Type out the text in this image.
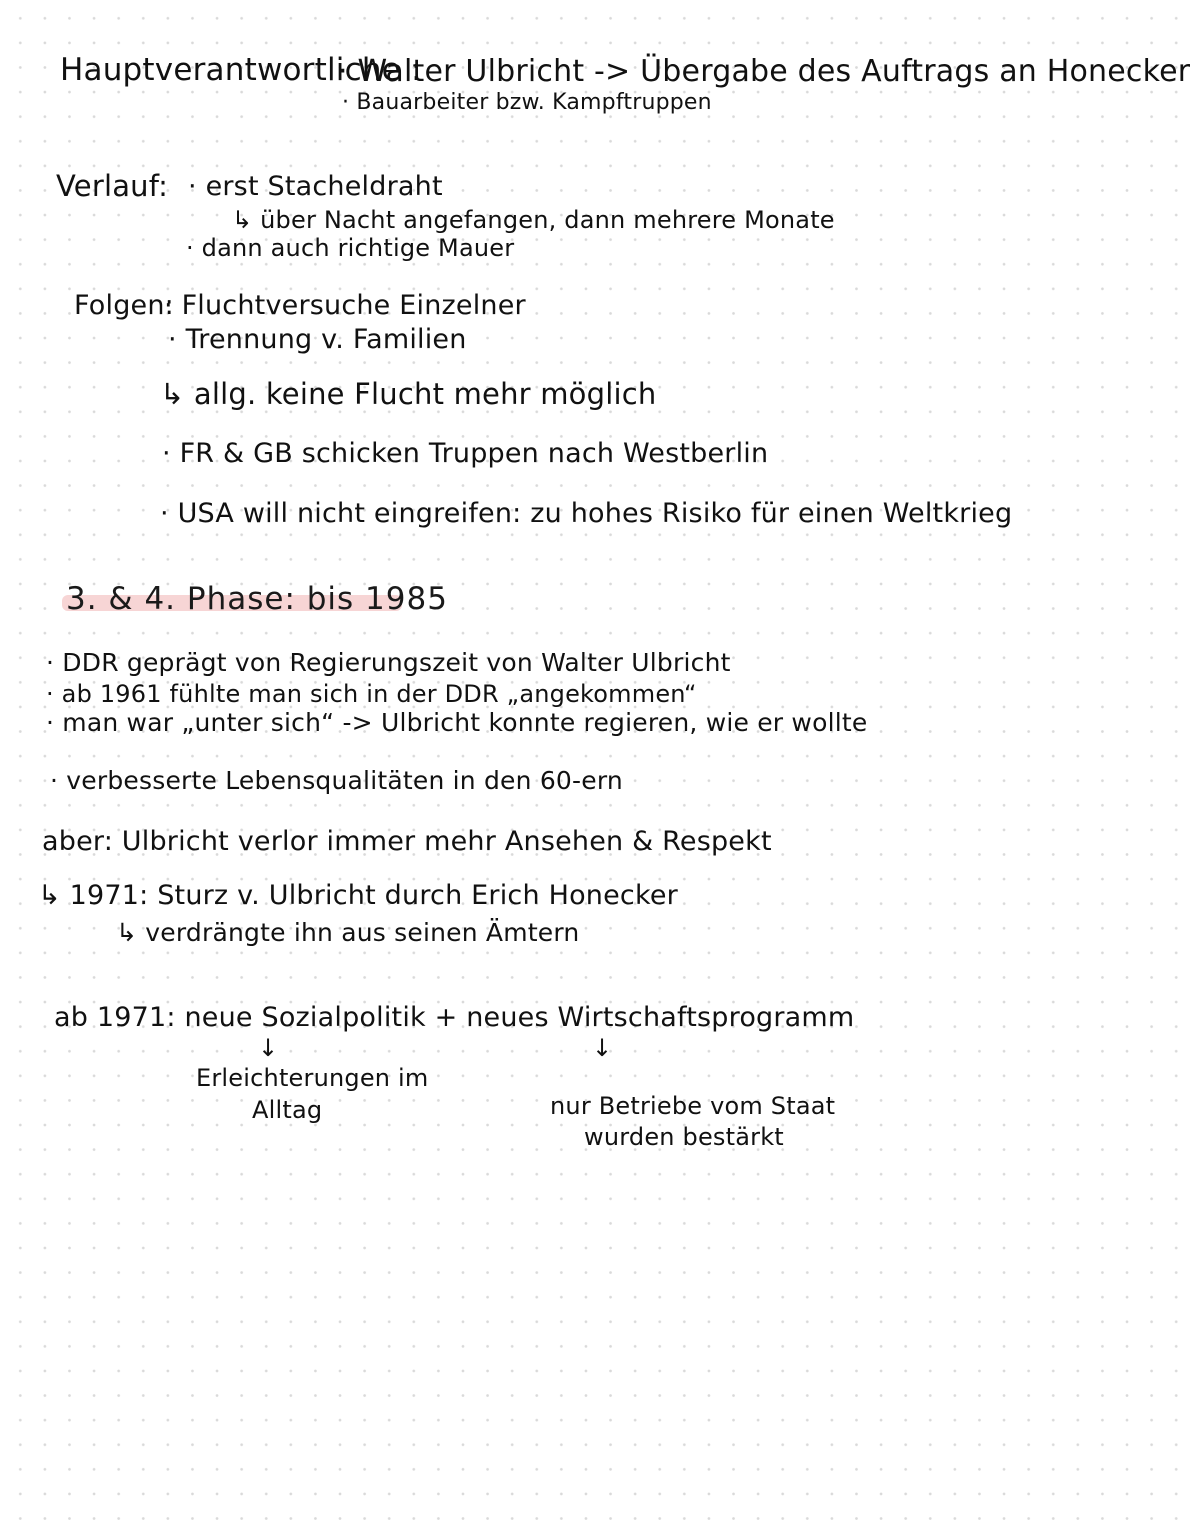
Hauptverantwortliche :
· Walter Ulbricht -> Übergabe des Auftrags an Honecker
· Bauarbeiter bzw. Kampftruppen
Verlauf: · erst Stacheldraht
↳ über Nacht angefangen, dann mehrere Monate
· dann auch richtige Mauer
Folgen:
· Fluchtversuche Einzelner
· Trennung v. Familien
↳ allg. keine Flucht mehr möglich
· FR & GB schicken Truppen nach Westberlin
· USA will nicht eingreifen: zu hohes Risiko für einen Weltkrieg
3. & 4. Phase: bis 1985
· DDR geprägt von Regierungszeit von Walter Ulbricht
· ab 1961 fühlte man sich in der DDR „angekommen“
· man war „unter sich“ -> Ulbricht konnte regieren, wie er wollte
· verbesserte Lebensqualitäten in den 60-ern
aber: Ulbricht verlor immer mehr Ansehen & Respekt
↳ 1971: Sturz v. Ulbricht durch Erich Honecker
↳ verdrängte ihn aus seinen Ämtern
ab 1971: neue Sozialpolitik + neues Wirtschaftsprogramm
↓	↓
Erleichterungen im
Alltag	nur Betriebe vom Staat
wurden bestärkt
